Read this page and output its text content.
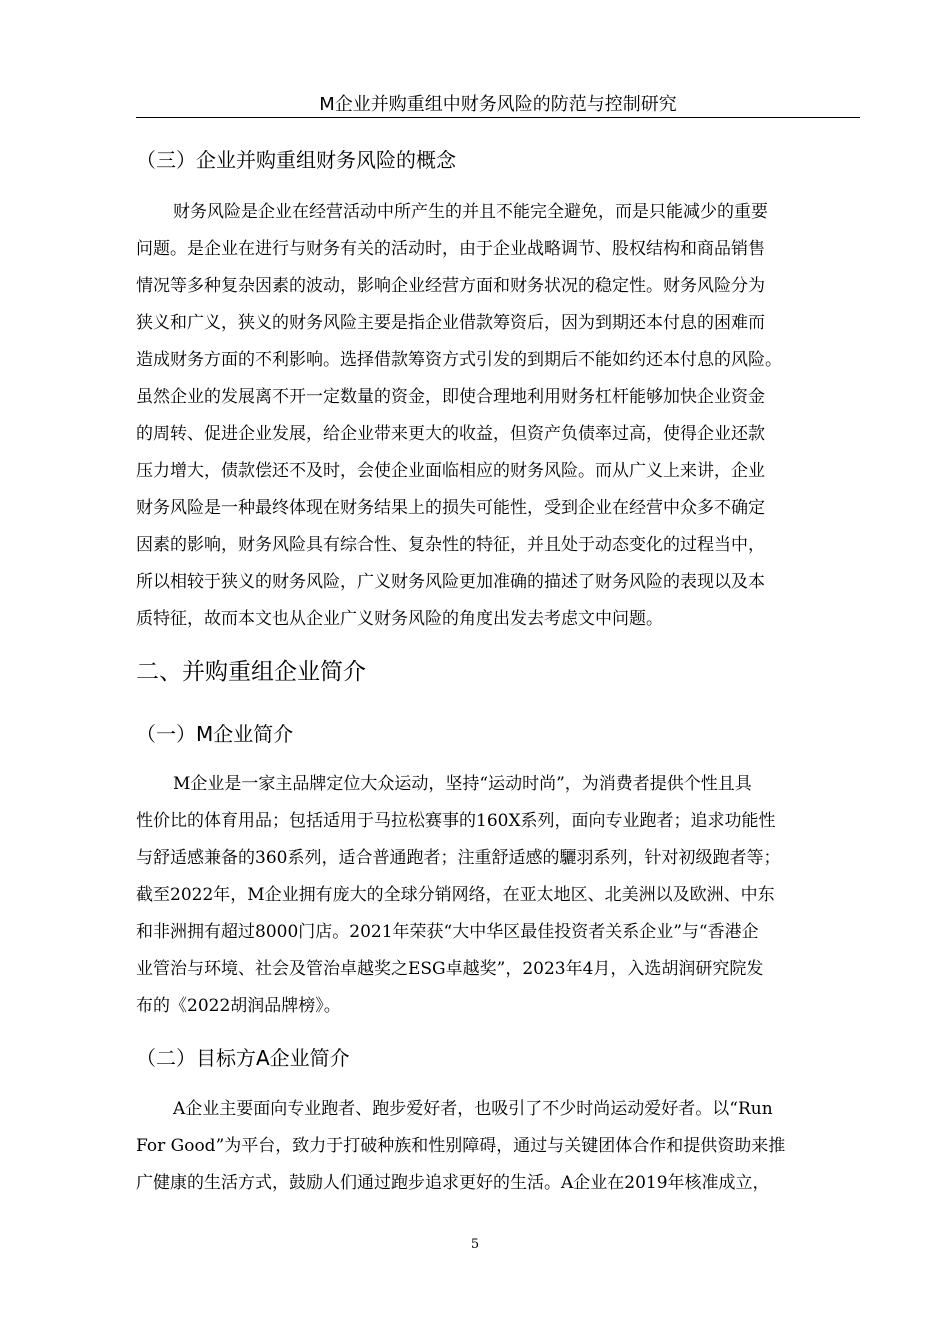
M企业并购重组中财务风险的防范与控制研究
（三）企业并购重组财务风险的概念
财务风险是企业在经营活动中所产生的并且不能完全避免，而是只能减少的重要
问题。是企业在进行与财务有关的活动时，由于企业战略调节、股权结构和商品销售
情况等多种复杂因素的波动，影响企业经营方面和财务状况的稳定性。财务风险分为
狭义和广义，狭义的财务风险主要是指企业借款筹资后，因为到期还本付息的困难而
造成财务方面的不利影响。选择借款筹资方式引发的到期后不能如约还本付息的风险。
虽然企业的发展离不开一定数量的资金，即使合理地利用财务杠杆能够加快企业资金
的周转、促进企业发展，给企业带来更大的收益，但资产负债率过高，使得企业还款
压力增大，债款偿还不及时，会使企业面临相应的财务风险。而从广义上来讲，企业
财务风险是一种最终体现在财务结果上的损失可能性，受到企业在经营中众多不确定
因素的影响，财务风险具有综合性、复杂性的特征，并且处于动态变化的过程当中，
所以相较于狭义的财务风险，广义财务风险更加准确的描述了财务风险的表现以及本
质特征，故而本文也从企业广义财务风险的角度出发去考虑文中问题。
二、并购重组企业简介
（一）M企业简介
M企业是一家主品牌定位大众运动，坚持“运动时尚”，为消费者提供个性且具
性价比的体育用品；包括适用于马拉松赛事的160X系列，面向专业跑者；追求功能性
与舒适感兼备的360系列，适合普通跑者；注重舒适感的驪羽系列，针对初级跑者等；
截至2022年，M企业拥有庞大的全球分销网络，在亚太地区、北美洲以及欧洲、中东
和非洲拥有超过8000门店。2021年荣获“大中华区最佳投资者关系企业”与“香港企
业管治与环境、社会及管治卓越奖之ESG卓越奖”，2023年4月，入选胡润研究院发
布的《2022胡润品牌榜》。
（二）目标方A企业简介
A企业主要面向专业跑者、跑步爱好者，也吸引了不少时尚运动爱好者。以“Run
For Good”为平台，致力于打破种族和性别障碍，通过与关键团体合作和提供资助来推
广健康的生活方式，鼓励人们通过跑步追求更好的生活。A企业在2019年核准成立，
5
